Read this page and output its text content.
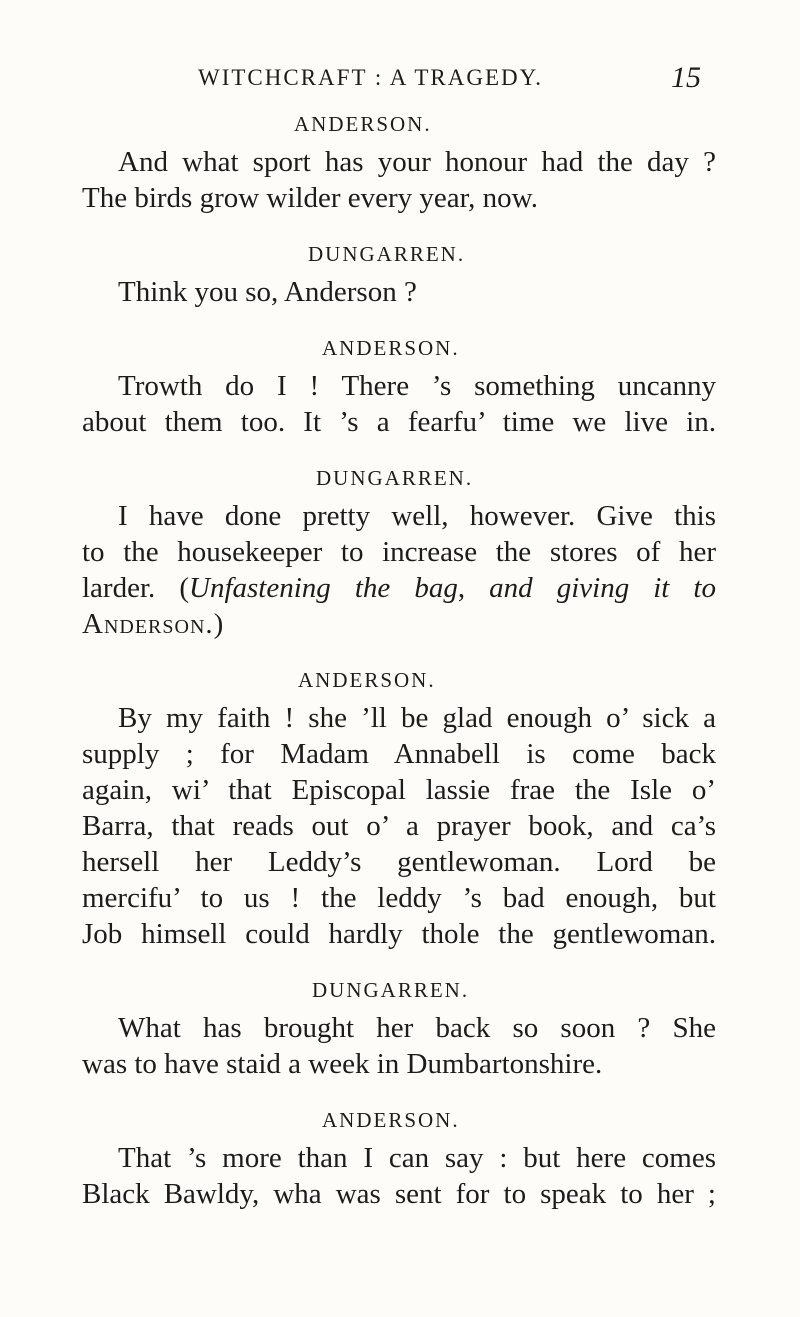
WITCHCRAFT : A TRAGEDY.	15
ANDERSON.
And what sport has your honour had the day ?
The birds grow wilder every year, now.
DUNGARREN.
Think you so, Anderson ?
ANDERSON.
Trowth do I ! There ’s something uncanny
about them too. It ’s a fearfu’ time we live in.
DUNGARREN.
I have done pretty well, however. Give this
to the housekeeper to increase the stores of her
larder. (Unfastening the bag, and giving it to
Anderson.)
ANDERSON.
By my faith ! she ’ll be glad enough o’ sick a
supply ; for Madam Annabell is come back
again, wi’ that Episcopal lassie frae the Isle o’
Barra, that reads out o’ a prayer book, and ca’s
hersell her Leddy’s gentlewoman. Lord be
mercifu’ to us ! the leddy ’s bad enough, but
Job himsell could hardly thole the gentlewoman.
DUNGARREN.
What has brought her back so soon ? She
was to have staid a week in Dumbartonshire.
ANDERSON.
That ’s more than I can say : but here comes
Black Bawldy, wha was sent for to speak to her ;
